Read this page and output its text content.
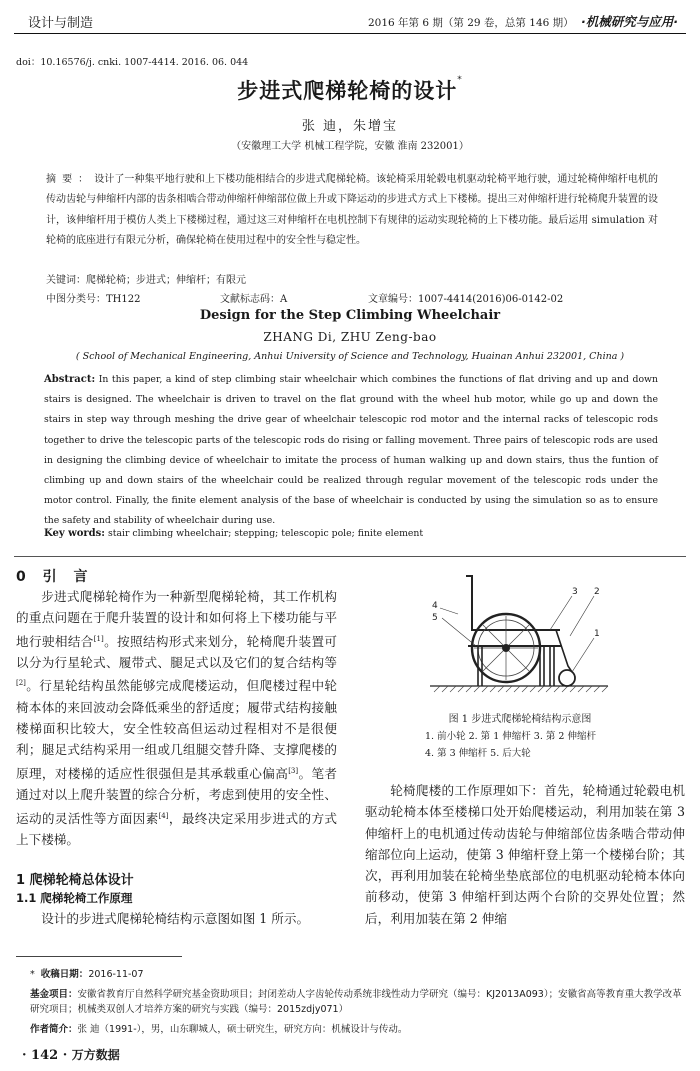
设计与制造	2016 年第 6 期（第 29 卷，总第 146 期） ·机械研究与应用·
doi：10.16576/j. cnki. 1007-4414. 2016. 06. 044
步进式爬梯轮椅的设计*
张 迪，朱增宝
（安徽理工大学 机械工程学院，安徽 淮南 232001）
摘要：设计了一种集平地行驶和上下楼功能相结合的步进式爬梯轮椅。该轮椅采用轮毂电机驱动轮椅平地行驶，通过轮椅伸缩杆电机的传动齿轮与伸缩杆内部的齿条相啮合带动伸缩杆伸缩部位做上升或下降运动的步进式方式上下楼梯。提出三对伸缩杆进行轮椅爬升装置的设计，该伸缩杆用于模仿人类上下楼梯过程，通过这三对伸缩杆在电机控制下有规律的运动实现轮椅的上下楼功能。最后运用 simulation 对轮椅的底座进行有限元分析，确保轮椅在使用过程中的安全性与稳定性。
关键词：爬梯轮椅；步进式；伸缩杆；有限元
中图分类号：TH122	文献标志码：A	文章编号：1007-4414(2016)06-0142-02
Design for the Step Climbing Wheelchair
ZHANG Di, ZHU Zeng-bao
( School of Mechanical Engineering, Anhui University of Science and Technology, Huainan Anhui 232001, China )
Abstract: In this paper, a kind of step climbing stair wheelchair which combines the functions of flat driving and up and down stairs is designed. The wheelchair is driven to travel on the flat ground with the wheel hub motor, while go up and down the stairs in step way through meshing the drive gear of wheelchair telescopic rod motor and the internal racks of telescopic rods together to drive the telescopic parts of the telescopic rods do rising or falling movement. Three pairs of telescopic rods are used in designing the climbing device of wheelchair to imitate the process of human walking up and down stairs, thus the funtion of climbing up and down stairs of the wheelchair could be realized through regular movement of the telescopic rods under the motor control. Finally, the finite element analysis of the base of wheelchair is conducted by using the simulation so as to ensure the safety and stability of wheelchair during use.
Key words: stair climbing wheelchair; stepping; telescopic pole; finite element
0 引 言

步进式爬梯轮椅作为一种新型爬梯轮椅，其工作机构的重点问题在于爬升装置的设计和如何将上下楼功能与平地行驶相结合[1]。按照结构形式来划分，轮椅爬升装置可以分为行星轮式、履带式、腿足式以及它们的复合结构等[2]。行星轮结构虽然能够完成爬楼运动，但爬楼过程中轮椅本体的来回波动会降低乘坐的舒适度；履带式结构接触楼梯面积比较大，安全性较高但运动过程相对不是很便利；腿足式结构采用一组或几组腿交替升降、支撑爬楼的原理，对楼梯的适应性很强但是其承载重心偏高[3]。笔者通过对以上爬升装置的综合分析，考虑到使用的安全性、运动的灵活性等方面因素[4]，最终决定采用步进式的方式上下楼梯。

1 爬梯轮椅总体设计
1.1 爬梯轮椅工作原理
设计的步进式爬梯轮椅结构示意图如图 1 所示。
4
5
3 2
1
图 1 步进式爬梯轮椅结构示意图
1. 前小轮 2. 第 1 伸缩杆 3. 第 2 伸缩杆
4. 第 3 伸缩杆 5. 后大轮
轮椅爬楼的工作原理如下：首先，轮椅通过轮毂电机驱动轮椅本体至楼梯口处开始爬楼运动，利用加装在第 3 伸缩杆上的电机通过传动齿轮与伸缩部位齿条啮合带动伸缩部位向上运动，使第 3 伸缩杆登上第一个楼梯台阶；其次，再利用加装在轮椅坐垫底部位的电机驱动轮椅本体向前移动，使第 3 伸缩杆到达两个台阶的交界处位置；然后，利用加装在第 2 伸缩
* 收稿日期：2016-11-07
基金项目：安徽省教育厅自然科学研究基金资助项目；封闭差动人字齿轮传动系统非线性动力学研究（编号：KJ2013A093）；安徽省高等教育重大教学改革研究项目；机械类双创人才培养方案的研究与实践（编号：2015zdjy071）
作者简介：张 迪（1991-），男，山东聊城人，硕士研究生，研究方向：机械设计与传动。
· 142 · 万方数据
